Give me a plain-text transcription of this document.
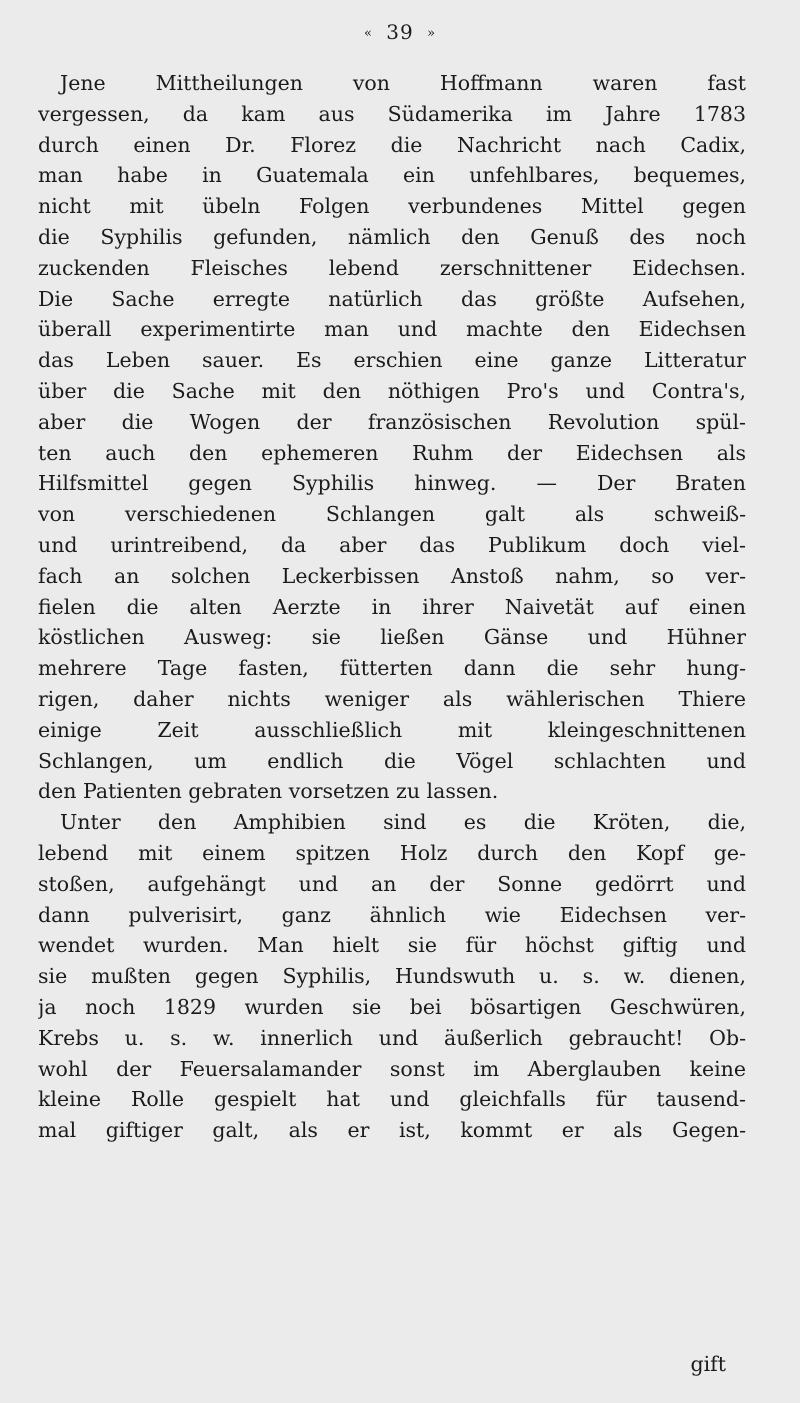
« 39 »
Jene Mittheilungen von Hoffmann waren fast
vergessen, da kam aus Südamerika im Jahre 1783
durch einen Dr. Florez die Nachricht nach Cadix,
man habe in Guatemala ein unfehlbares, bequemes,
nicht mit übeln Folgen verbundenes Mittel gegen
die Syphilis gefunden, nämlich den Genuß des noch
zuckenden Fleisches lebend zerschnittener Eidechsen.
Die Sache erregte natürlich das größte Aufsehen,
überall experimentirte man und machte den Eidechsen
das Leben sauer. Es erschien eine ganze Litteratur
über die Sache mit den nöthigen Pro's und Contra's,
aber die Wogen der französischen Revolution spül-
ten auch den ephemeren Ruhm der Eidechsen als
Hilfsmittel gegen Syphilis hinweg. — Der Braten
von verschiedenen Schlangen galt als schweiß-
und urintreibend, da aber das Publikum doch viel-
fach an solchen Leckerbissen Anstoß nahm, so ver-
fielen die alten Aerzte in ihrer Naivetät auf einen
köstlichen Ausweg: sie ließen Gänse und Hühner
mehrere Tage fasten, fütterten dann die sehr hung-
rigen, daher nichts weniger als wählerischen Thiere
einige Zeit ausschließlich mit kleingeschnittenen
Schlangen, um endlich die Vögel schlachten und
den Patienten gebraten vorsetzen zu lassen.
Unter den Amphibien sind es die Kröten, die,
lebend mit einem spitzen Holz durch den Kopf ge-
stoßen, aufgehängt und an der Sonne gedörrt und
dann pulverisirt, ganz ähnlich wie Eidechsen ver-
wendet wurden. Man hielt sie für höchst giftig und
sie mußten gegen Syphilis, Hundswuth u. s. w. dienen,
ja noch 1829 wurden sie bei bösartigen Geschwüren,
Krebs u. s. w. innerlich und äußerlich gebraucht! Ob-
wohl der Feuersalamander sonst im Aberglauben keine
kleine Rolle gespielt hat und gleichfalls für tausend-
mal giftiger galt, als er ist, kommt er als Gegen-
gift
